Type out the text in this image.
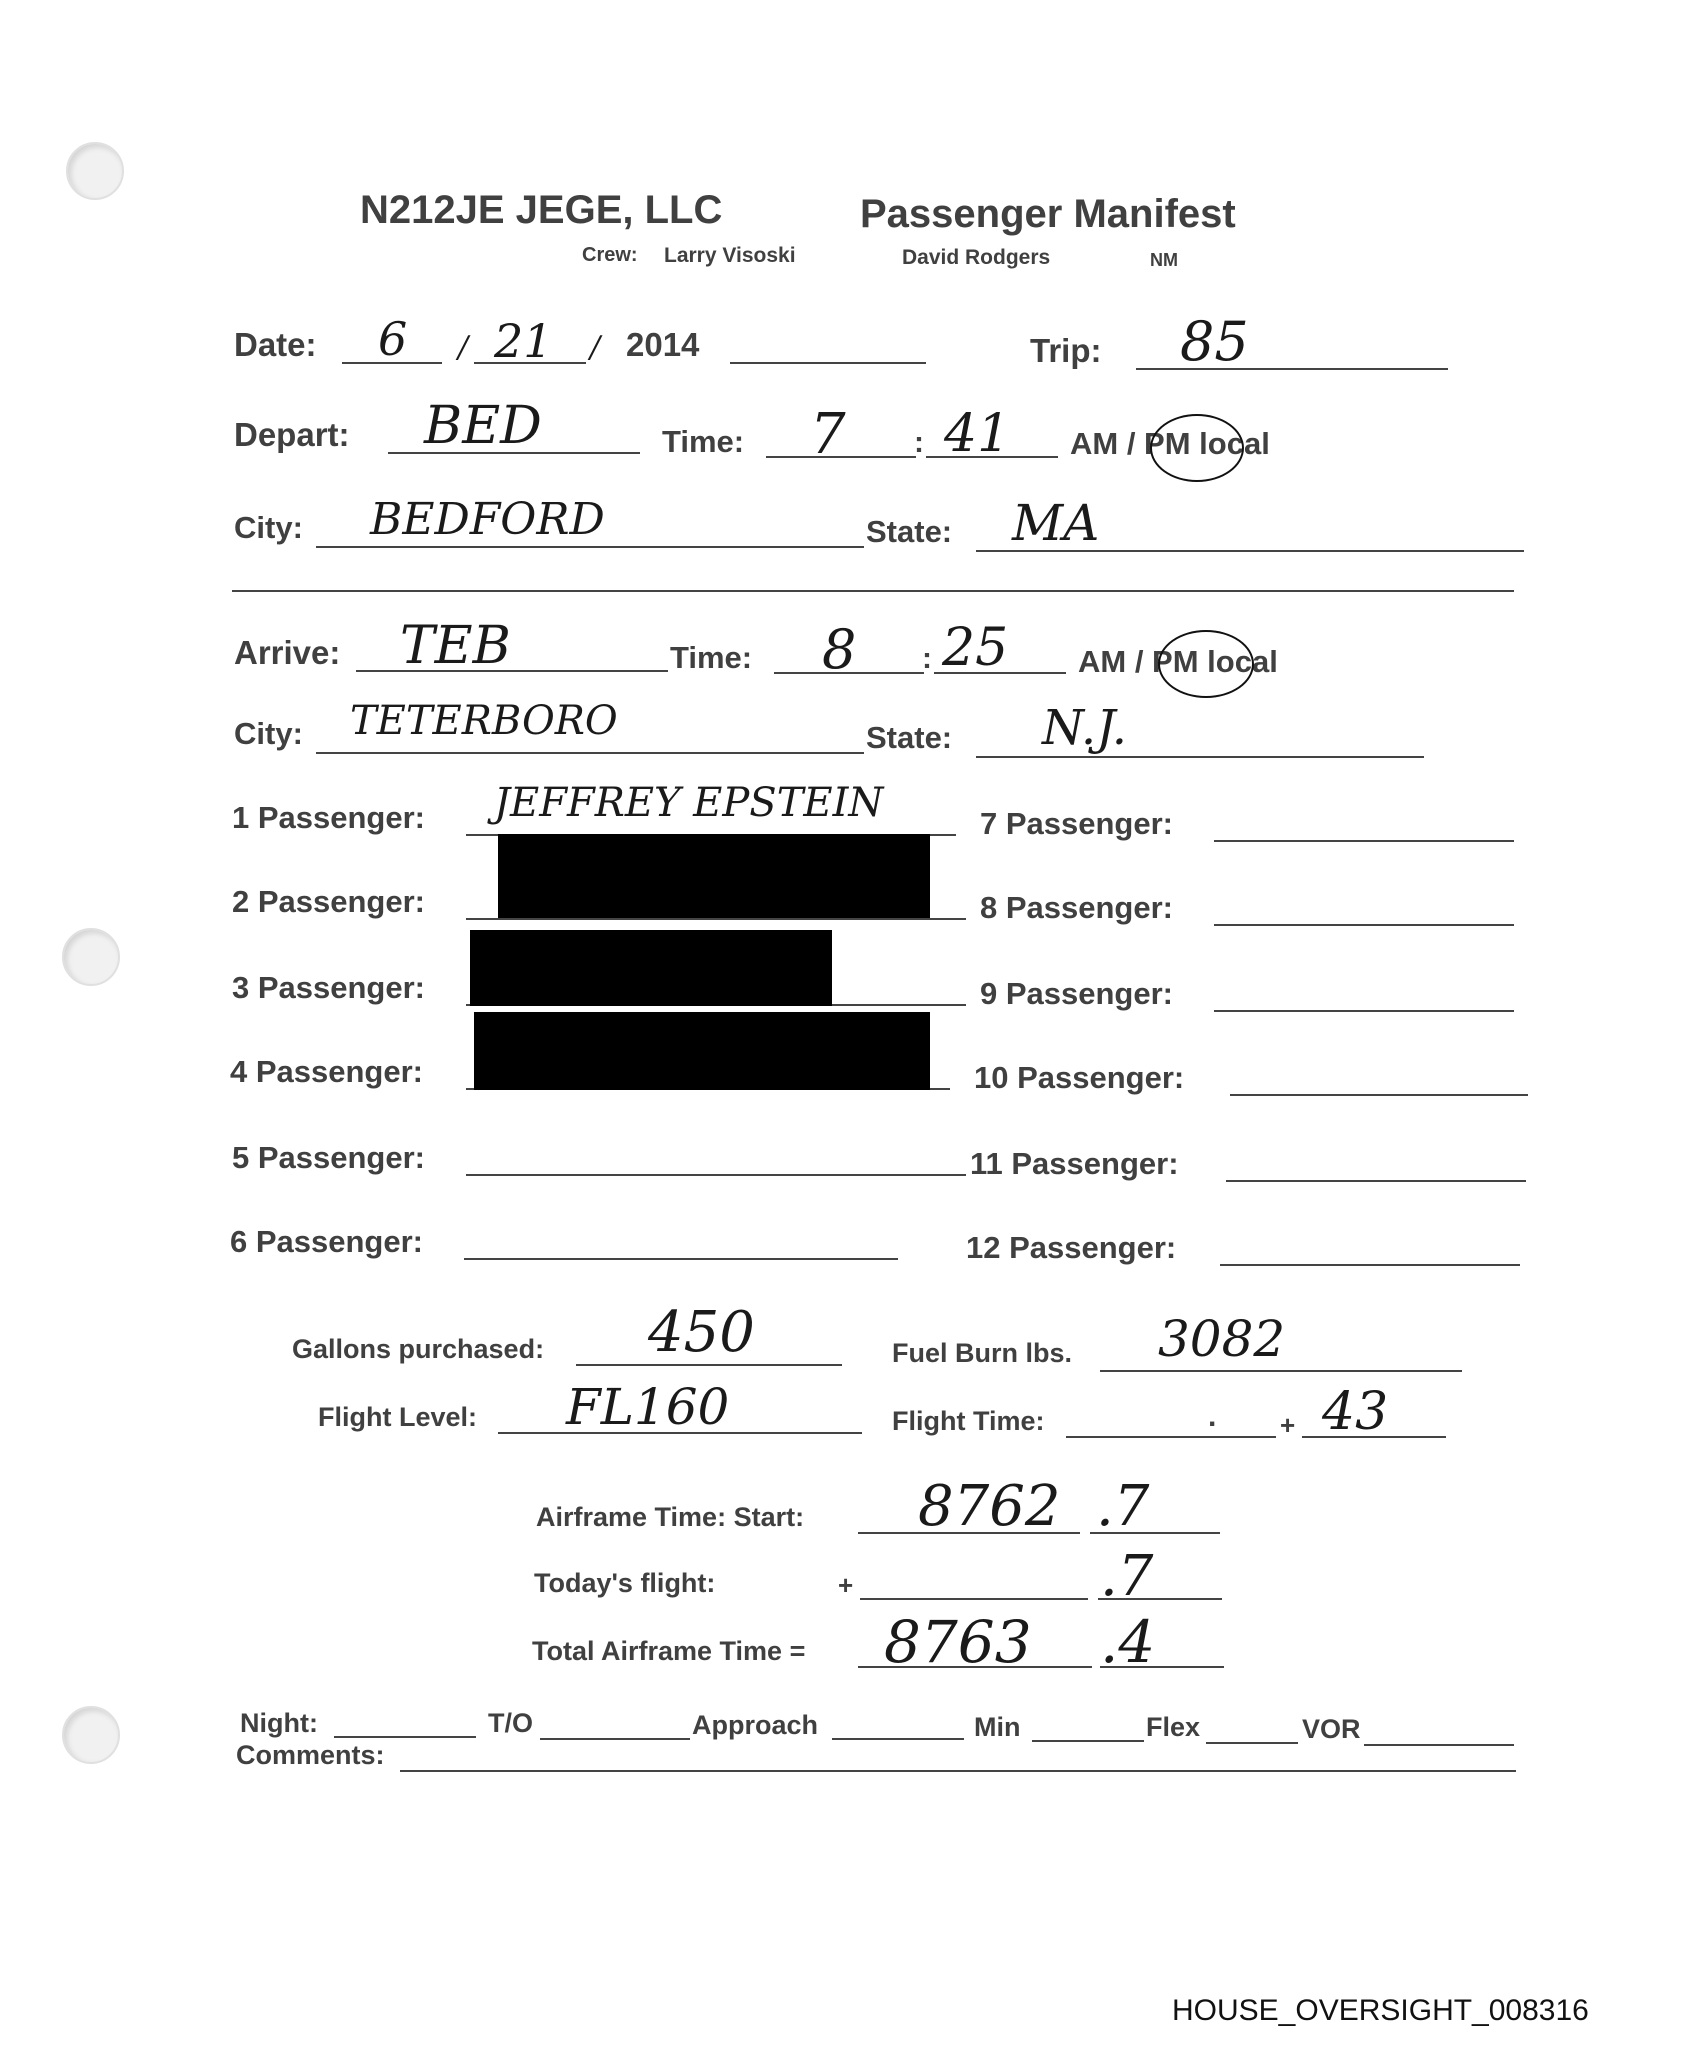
N212JE JEGE, LLC	Passenger Manifest
Crew: Larry Visoski	David Rodgers	NM
Date: 6 / 21 / 2014	Trip: 85
Depart: BED	Time: 7 : 41 AM / PM local
City: BEDFORD	State: MA
Arrive: TEB	Time: 8 : 25 AM / PM local
City: TETERBORO	State: N.J.
1 Passenger: JEFFREY EPSTEIN
2 Passenger:
3 Passenger:
4 Passenger:
5 Passenger:
6 Passenger:
7 Passenger:
8 Passenger:
9 Passenger:
10 Passenger:
11 Passenger:
12 Passenger:
Gallons purchased: 450	Fuel Burn lbs. 3082
Flight Level: FL160	Flight Time:	. + 43
Airframe Time: Start: 8762 .7
Today's flight:	+	.7
Total Airframe Time = 8763 .4
Night:	T/O	Approach	Min	Flex	VOR
Comments:
HOUSE_OVERSIGHT_008316
